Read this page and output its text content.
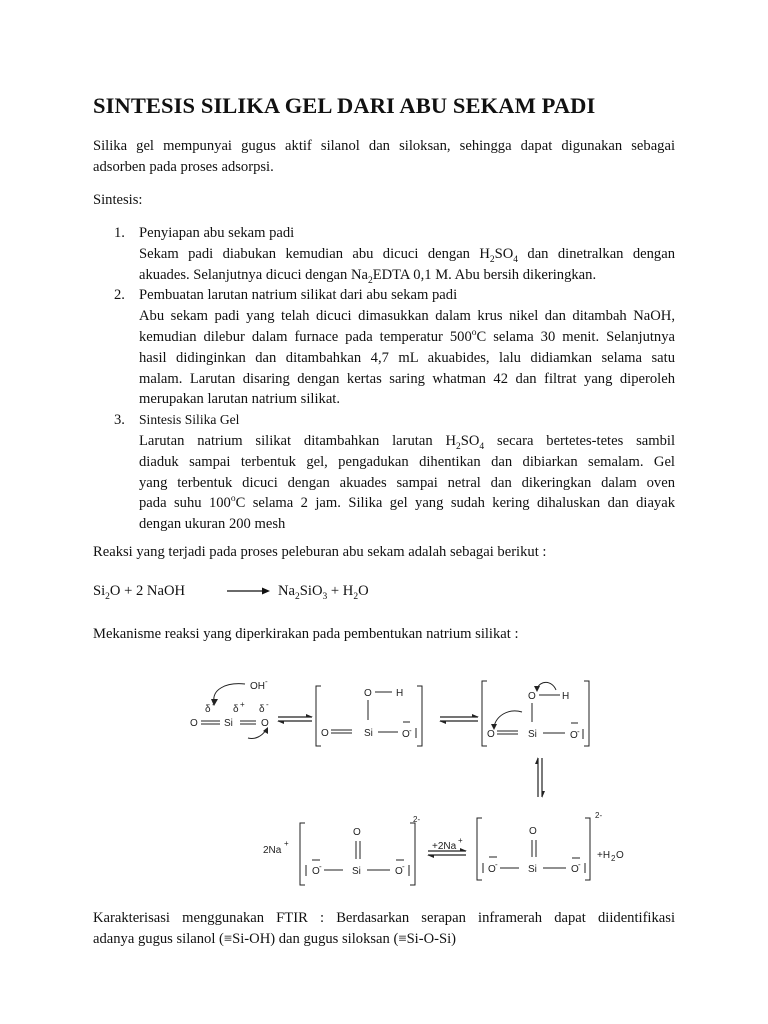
SINTESIS SILIKA GEL DARI ABU SEKAM PADI
Silika gel mempunyai gugus aktif silanol dan siloksan, sehingga dapat digunakan sebagai
adsorben pada proses adsorpsi.
Sintesis:
1. Penyiapan abu sekam padi
Sekam padi diabukan kemudian abu dicuci dengan $H_2SO_4$ dan dinetralkan dengan
akuades. Selanjutnya dicuci dengan $Na_2EDTA$ 0,1 M. Abu bersih dikeringkan.
2. Pembuatan larutan natrium silikat dari abu sekam padi
Abu sekam padi yang telah dicuci dimasukkan dalam krus nikel dan ditambah NaOH,
kemudian dilebur dalam furnace pada temperatur 500$^o$C selama 30 menit. Selanjutnya
hasil didinginkan dan ditambahkan 4,7 mL akuabides, lalu didiamkan selama satu
malam. Larutan disaring dengan kertas saring whatman 42 dan filtrat yang diperoleh
merupakan larutan natrium silikat.
3. Sintesis Silika Gel
Larutan natrium silikat ditambahkan larutan $H_2SO_4$ secara bertetes-tetes sambil
diaduk sampai terbentuk gel, pengadukan dihentikan dan dibiarkan semalam. Gel
yang terbentuk dicuci dengan akuades sampai netral dan dikeringkan dalam oven
pada suhu 100$^o$C selama 2 jam. Silika gel yang sudah kering dihaluskan dan diayak
dengan ukuran 200 mesh
Reaksi yang terjadi pada proses peleburan abu sekam adalah sebagai berikut :
$Si_2O + 2$ NaOH	$Na_2SiO_3 + H_2O$
Mekanisme reaksi yang diperkirakan pada pembentukan natrium silikat :
OH -
δ - δ + δ -
O	Si	O
O H
O	Si	O -
O	H
O	Si	O -
2Na
+
2-
O
O -	Si	O -
+2Na
+
2-
O
O -	Si	O -
+H 2 O
Karakterisasi menggunakan FTIR : Berdasarkan serapan inframerah dapat diidentifikasi
adanya gugus silanol (≡Si-OH) dan gugus siloksan (≡Si-O-Si)
